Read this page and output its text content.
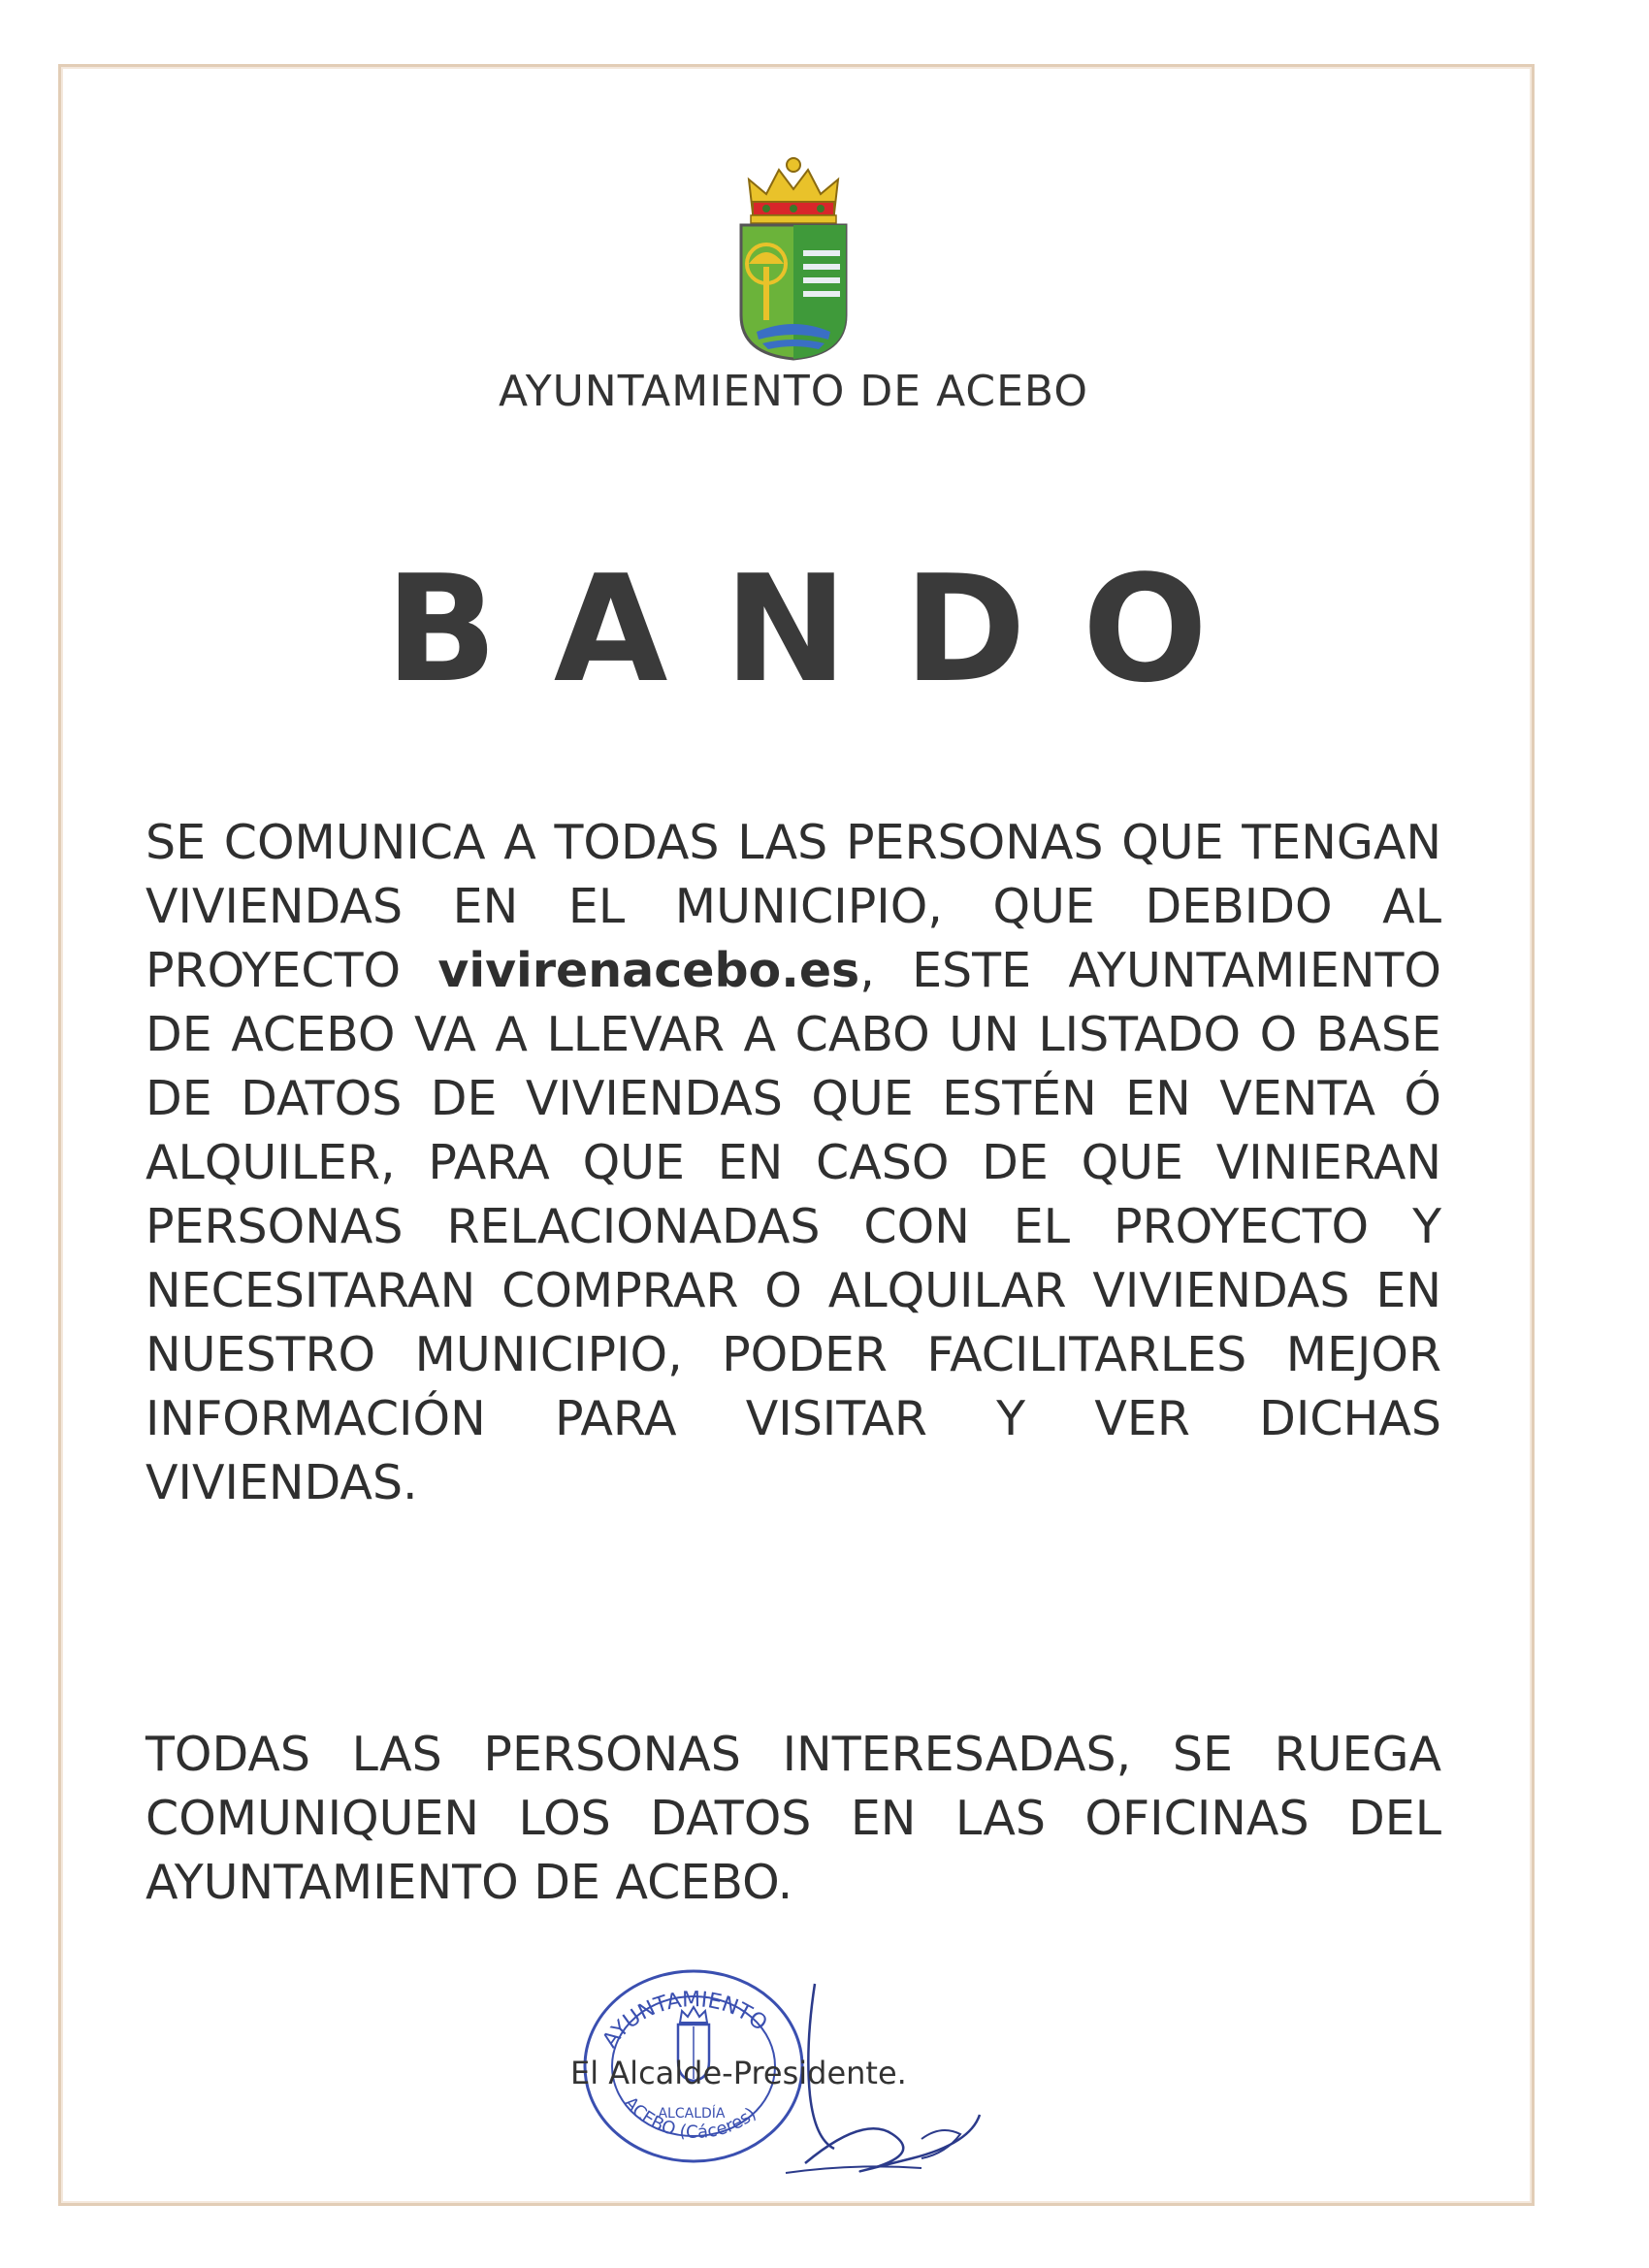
AYUNTAMIENTO DE ACEBO
BANDO
SE COMUNICA A TODAS LAS PERSONAS QUE TENGAN VIVIENDAS EN EL MUNICIPIO, QUE DEBIDO AL PROYECTO vivirenacebo.es, ESTE AYUNTAMIENTO DE ACEBO VA A LLEVAR A CABO UN LISTADO O BASE DE DATOS DE VIVIENDAS QUE ESTÉN EN VENTA Ó ALQUILER, PARA QUE EN CASO DE QUE VINIERAN PERSONAS RELACIONADAS CON EL PROYECTO Y NECESITARAN COMPRAR O ALQUILAR VIVIENDAS EN NUESTRO MUNICIPIO, PODER FACILITARLES MEJOR INFORMACIÓN PARA VISITAR Y VER DICHAS VIVIENDAS.
TODAS LAS PERSONAS INTERESADAS, SE RUEGA COMUNIQUEN LOS DATOS EN LAS OFICINAS DEL AYUNTAMIENTO DE ACEBO.
AYUNTAMIENTO
ACEBO (Cáceres)
ALCALDÍA
El Alcalde-Presidente.
